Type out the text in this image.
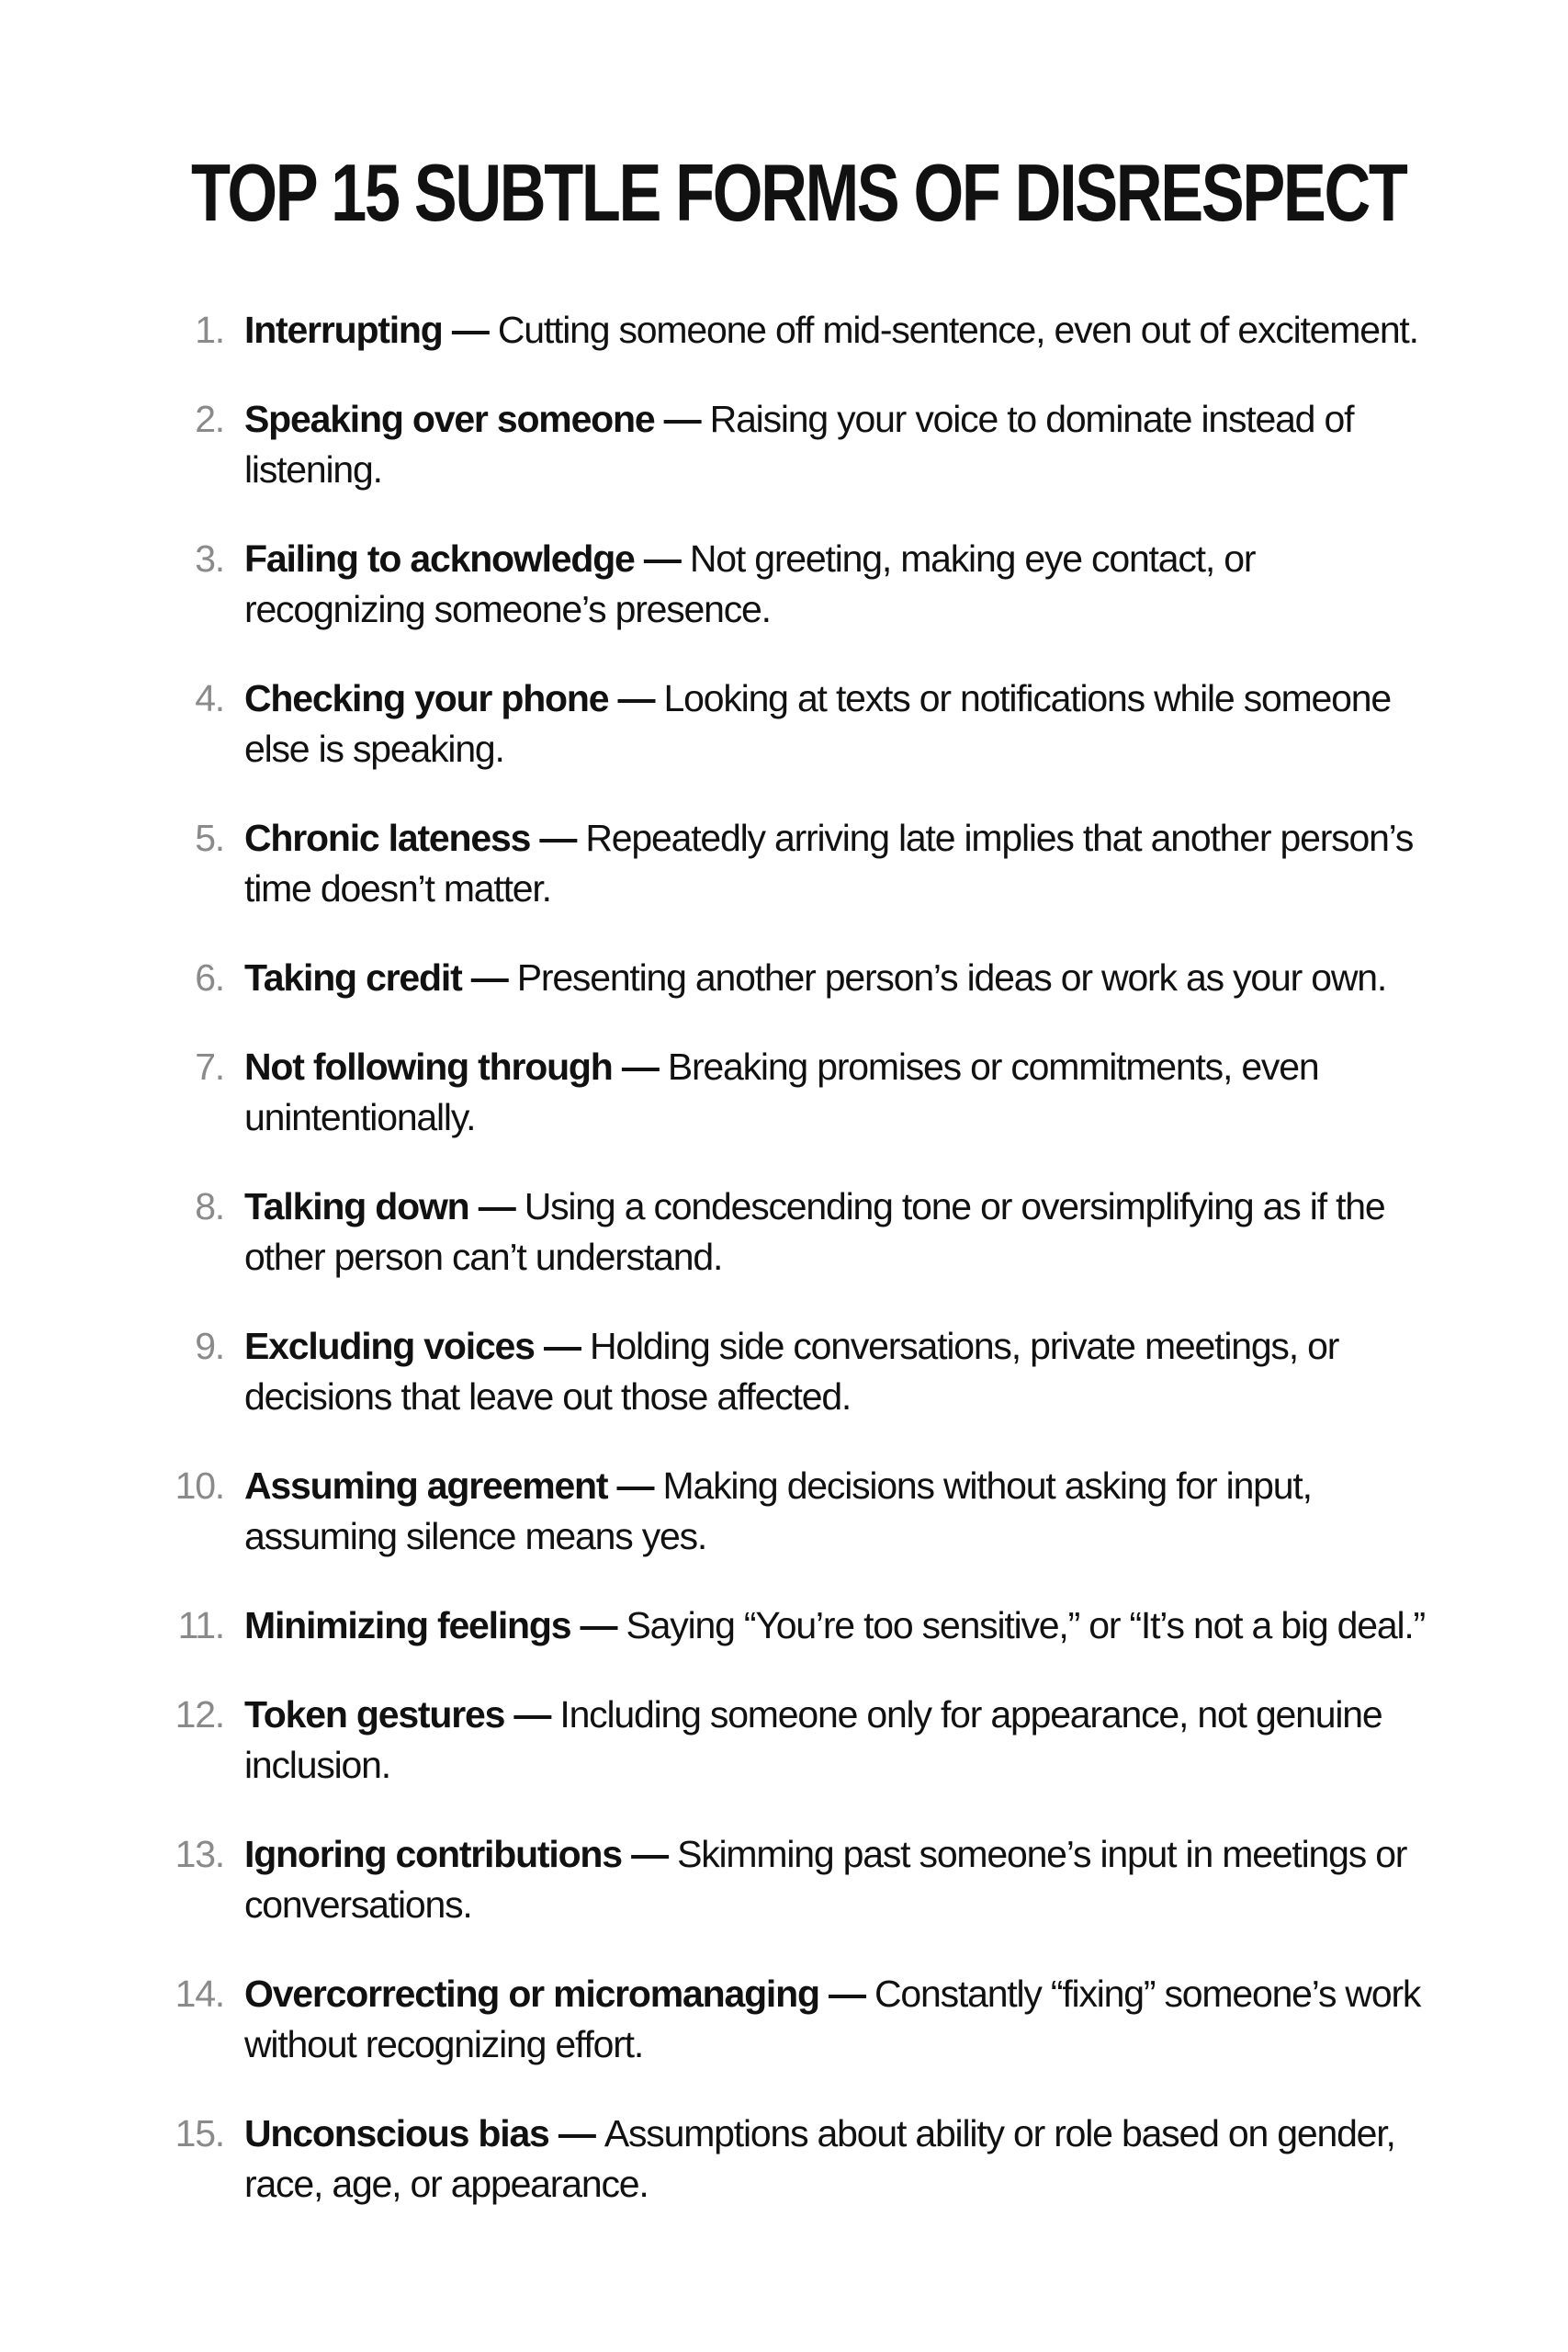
TOP 15 SUBTLE FORMS OF DISRESPECT
1. Interrupting — Cutting someone off mid-sentence, even out of excitement.
2. Speaking over someone — Raising your voice to dominate instead of listening.
3. Failing to acknowledge — Not greeting, making eye contact, or recognizing someone’s presence.
4. Checking your phone — Looking at texts or notifications while someone else is speaking.
5. Chronic lateness — Repeatedly arriving late implies that another person’s time doesn’t matter.
6. Taking credit — Presenting another person’s ideas or work as your own.
7. Not following through — Breaking promises or commitments, even unintentionally.
8. Talking down — Using a condescending tone or oversimplifying as if the other person can’t understand.
9. Excluding voices — Holding side conversations, private meetings, or decisions that leave out those affected.
10. Assuming agreement — Making decisions without asking for input, assuming silence means yes.
11. Minimizing feelings — Saying “You’re too sensitive,” or “It’s not a big deal.”
12. Token gestures — Including someone only for appearance, not genuine inclusion.
13. Ignoring contributions — Skimming past someone’s input in meetings or conversations.
14. Overcorrecting or micromanaging — Constantly “fixing” someone’s work without recognizing effort.
15. Unconscious bias — Assumptions about ability or role based on gender, race, age, or appearance.
